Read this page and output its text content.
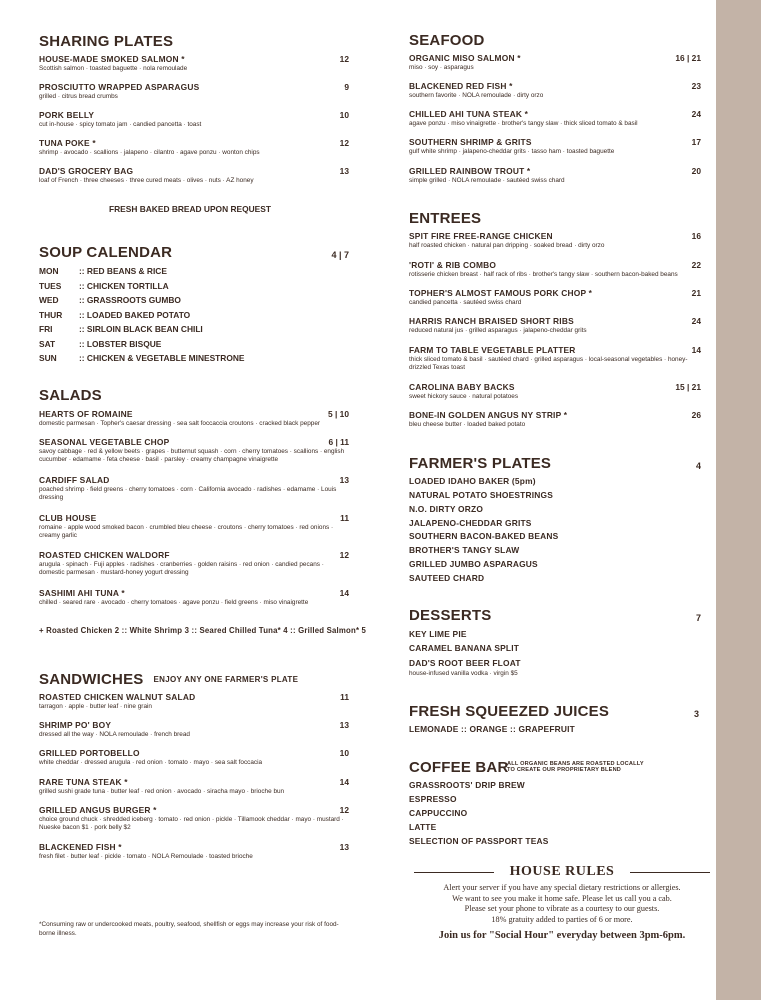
SHARING PLATES
HOUSE-MADE SMOKED SALMON *	12
Scottish salmon · toasted baguette · nola remoulade
PROSCIUTTO WRAPPED ASPARAGUS	9
grilled · citrus bread crumbs
PORK BELLY	10
cut in-house · spicy tomato jam · candied pancetta · toast
TUNA POKE *	12
shrimp · avocado · scallions · jalapeno · cilantro · agave ponzu · wonton chips
DAD'S GROCERY BAG	13
loaf of French · three cheeses · three cured meats · olives · nuts · AZ honey
FRESH BAKED BREAD UPON REQUEST
SOUP CALENDAR	4 | 7
MON :: RED BEANS & RICE
TUES :: CHICKEN TORTILLA
WED :: GRASSROOTS GUMBO
THUR :: LOADED BAKED POTATO
FRI	:: SIRLOIN BLACK BEAN CHILI
SAT	:: LOBSTER BISQUE
SUN	:: CHICKEN & VEGETABLE MINESTRONE
SALADS
HEARTS OF ROMAINE	5 | 10
domestic parmesan · Topher's caesar dressing · sea salt foccaccia croutons · cracked black pepper
SEASONAL VEGETABLE CHOP	6 | 11
savoy cabbage · red & yellow beets · grapes · butternut squash · corn · cherry tomatoes · scallions · english cucumber · edamame · feta cheese · basil · parsley · creamy champagne vinaigrette
CARDIFF SALAD	13
poached shrimp · field greens · cherry tomatoes · corn · California avocado · radishes · edamame · Louis dressing
CLUB HOUSE	11
romaine · apple wood smoked bacon · crumbled bleu cheese · croutons · cherry tomatoes · red onions · creamy garlic
ROASTED CHICKEN WALDORF	12
arugula · spinach · Fuji apples · radishes · cranberries · golden raisins · red onion · candied pecans · domestic parmesan · mustard-honey yogurt dressing
SASHIMI AHI TUNA *	14
chilled · seared rare · avocado · cherry tomatoes · agave ponzu · field greens · miso vinaigrette
+ Roasted Chicken 2 :: White Shrimp 3 :: Seared Chilled Tuna* 4 :: Grilled Salmon* 5
SANDWICHES $^{ENJOY ANY ONE FARMER'S PLATE}$
ROASTED CHICKEN WALNUT SALAD	11
tarragon · apple · butter leaf · nine grain
SHRIMP PO' BOY	13
dressed all the way · NOLA remoulade · french bread
GRILLED PORTOBELLO	10
white cheddar · dressed arugula · red onion · tomato · mayo · sea salt foccacia
RARE TUNA STEAK *	14
grilled sushi grade tuna · butter leaf · red onion · avocado · siracha mayo · brioche bun
GRILLED ANGUS BURGER *	12
choice ground chuck · shredded iceberg · tomato · red onion · pickle · Tillamook cheddar · mayo · mustard · Nueske bacon $1 · pork belly $2
BLACKENED FISH *	13
fresh filet · butter leaf · pickle · tomato · NOLA Remoulade · toasted brioche
*Consuming raw or undercooked meats, poultry, seafood, shellfish or eggs may increase your risk of food-borne illness.
SEAFOOD
ORGANIC MISO SALMON *	16 | 21
miso · soy · asparagus
BLACKENED RED FISH *	23
southern favorite · NOLA remoulade · dirty orzo
CHILLED AHI TUNA STEAK *	24
agave ponzu · miso vinaigrette · brother's tangy slaw · thick sliced tomato & basil
SOUTHERN SHRIMP & GRITS	17
gulf white shrimp · jalapeno-cheddar grits · tasso ham · toasted baguette
GRILLED RAINBOW TROUT *	20
simple grilled · NOLA remoulade · sautéed swiss chard
ENTREES
SPIT FIRE FREE-RANGE CHICKEN	16
half roasted chicken · natural pan dripping · soaked bread · dirty orzo
'ROTI' & RIB COMBO	22
rotisserie chicken breast · half rack of ribs · brother's tangy slaw · southern bacon-baked beans
TOPHER'S ALMOST FAMOUS PORK CHOP *	21
candied pancetta · sautéed swiss chard
HARRIS RANCH BRAISED SHORT RIBS	24
reduced natural jus · grilled asparagus · jalapeno-cheddar grits
FARM TO TABLE VEGETABLE PLATTER	14
thick sliced tomato & basil · sautéed chard · grilled asparagus · local-seasonal vegetables · honey-drizzled Texas toast
CAROLINA BABY BACKS	15 | 21
sweet hickory sauce · natural potatoes
BONE-IN GOLDEN ANGUS NY STRIP *	26
bleu cheese butter · loaded baked potato
FARMER'S PLATES	4
LOADED IDAHO BAKER (5pm)
NATURAL POTATO SHOESTRINGS
N.O. DIRTY ORZO
JALAPENO-CHEDDAR GRITS
SOUTHERN BACON-BAKED BEANS
BROTHER'S TANGY SLAW
GRILLED JUMBO ASPARAGUS
SAUTEED CHARD
DESSERTS	7
KEY LIME PIE
CARAMEL BANANA SPLIT
DAD'S ROOT BEER FLOAT
house-infused vanilla vodka · virgin $5
FRESH SQUEEZED JUICES	3
LEMONADE :: ORANGE :: GRAPEFRUIT
COFFEE BAR
ALL ORGANIC BEANS ARE ROASTED LOCALLY
TO CREATE OUR PROPRIETARY BLEND
GRASSROOTS' DRIP BREW
ESPRESSO
CAPPUCCINO
LATTE
SELECTION OF PASSPORT TEAS
HOUSE RULES
Alert your server if you have any special dietary restrictions or allergies.
We want to see you make it home safe. Please let us call you a cab.
Please set your phone to vibrate as a courtesy to our guests.
18% gratuity added to parties of 6 or more.
Join us for "Social Hour" everyday between 3pm-6pm.
